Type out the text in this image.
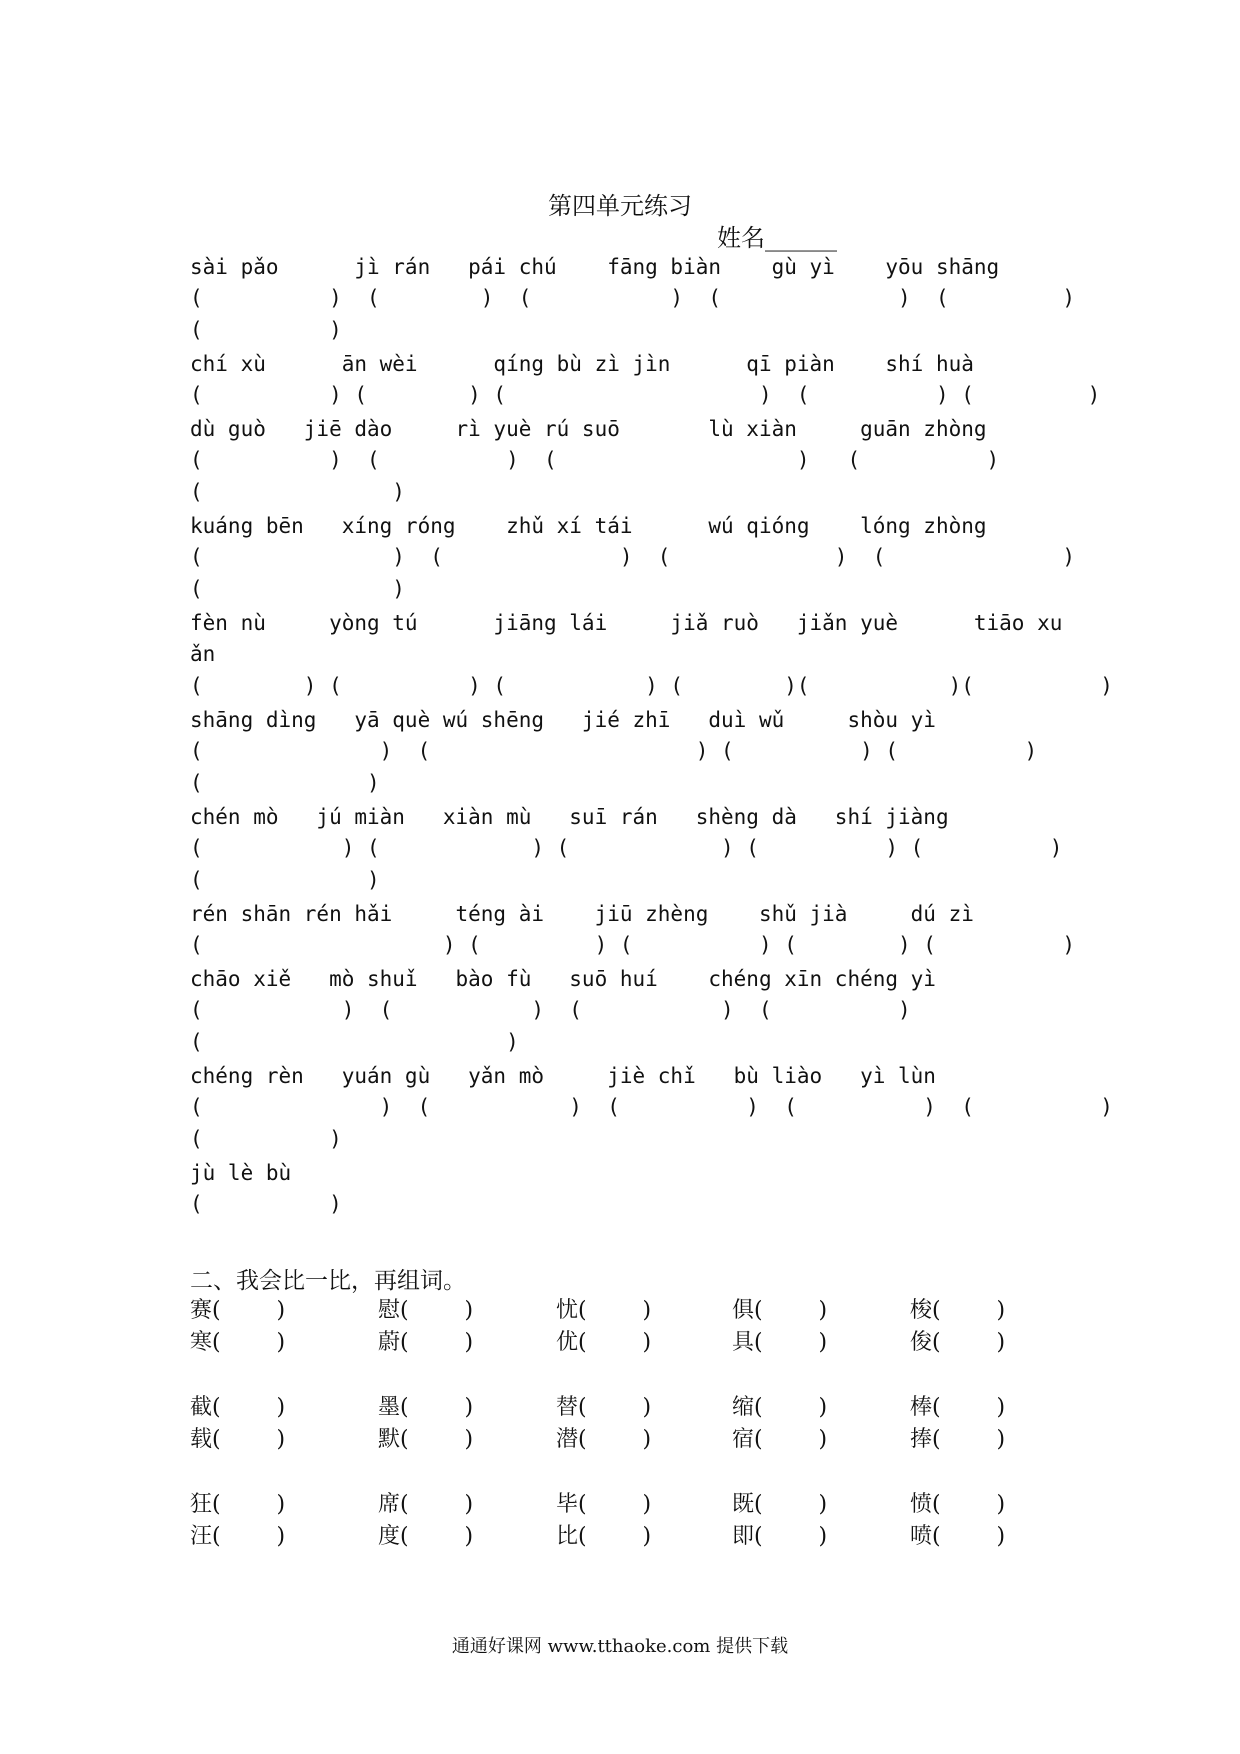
第四单元练习
姓名______
sài pǎo      jì rán   pái chú    fāng biàn    gù yì    yōu shāng
(          )  (        )  (           )  (              )  (         )
(          )
chí xù      ān wèi      qíng bù zì jìn      qī piàn    shí huà
(          ) (        ) (                    )  (          ) (         )
dù guò   jiē dào     rì yuè rú suō       lù xiàn     guān zhòng
(          )  (          )  (                   )   (          )
(               )
kuáng bēn   xíng róng    zhǔ xí tái      wú qióng    lóng zhòng
(               )  (              )  (             )  (              )
(               )
fèn nù     yòng tú      jiāng lái     jiǎ ruò   jiǎn yuè      tiāo xu
ǎn
(        ) (          ) (           ) (        )(           )(          )
shāng dìng   yā què wú shēng   jié zhī   duì wǔ     shòu yì
(              )  (                     ) (          ) (          )
(             )
chén mò   jú miàn   xiàn mù   suī rán   shèng dà   shí jiàng
(           ) (            ) (            ) (          ) (          )
(             )
rén shān rén hǎi     téng ài    jiū zhèng    shǔ jià     dú zì
(                   ) (         ) (          ) (        ) (          )
chāo xiě   mò shuǐ   bào fù   suō huí    chéng xīn chéng yì
(           )  (           )  (           )  (          )
(                        )
chéng rèn   yuán gù   yǎn mò     jiè chǐ   bù liào   yì lùn
(              )  (           )  (          )  (          )  (          )
(          )
jù lè bù
(          )
二、我会比一比，再组词。
赛(        )	慰(        )	忧(        )	俱(        )	梭(        )
寒(        )	蔚(        )	优(        )	具(        )	俊(        )
截(        )	墨(        )	替(        )	缩(        )	棒(        )
载(        )	默(        )	潜(        )	宿(        )	捧(        )
狂(        )	席(        )	毕(        )	既(        )	愤(        )
汪(        )	度(        )	比(        )	即(        )	喷(        )
通通好课网 www.tthaoke.com 提供下载
